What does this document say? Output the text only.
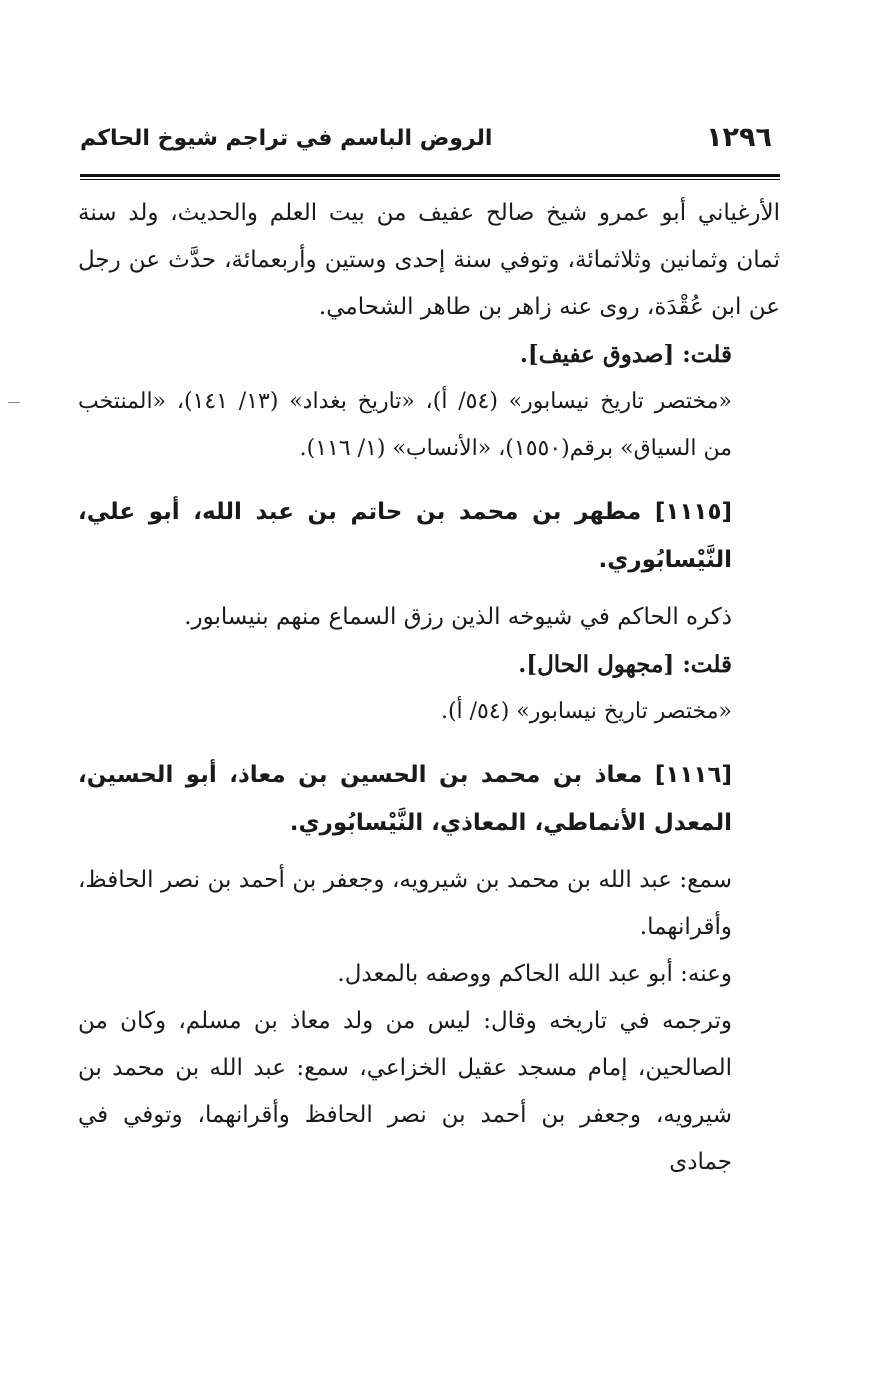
١٢٩٦
الروض الباسم في تراجم شيوخ الحاكم

الأرغياني أبو عمرو شيخ صالح عفيف من بيت العلم والحديث، ولد سنة ثمان وثمانين وثلاثمائة، وتوفي سنة إحدى وستين وأربعمائة، حدَّث عن رجل عن ابن عُقْدَة، روى عنه زاهر بن طاهر الشحامي.

قلت: [صدوق عفيف].

«مختصر تاريخ نيسابور» (٥٤/ أ)، «تاريخ بغداد» (١٣/ ١٤١)، «المنتخب من السياق» برقم(١٥٥٠)، «الأنساب» (١/ ١١٦).

[١١١٥] مطهر بن محمد بن حاتم بن عبد الله، أبو علي، النَّيْسابُوري.

ذكره الحاكم في شيوخه الذين رزق السماع منهم بنيسابور.

قلت: [مجهول الحال].

«مختصر تاريخ نيسابور» (٥٤/ أ).

[١١١٦] معاذ بن محمد بن الحسين بن معاذ، أبو الحسين، المعدل الأنماطي، المعاذي، النَّيْسابُوري.

سمع: عبد الله بن محمد بن شيرويه، وجعفر بن أحمد بن نصر الحافظ، وأقرانهما.

وعنه: أبو عبد الله الحاكم ووصفه بالمعدل.

وترجمه في تاريخه وقال: ليس من ولد معاذ بن مسلم، وكان من الصالحين، إمام مسجد عقيل الخزاعي، سمع: عبد الله بن محمد بن شيرويه، وجعفر بن أحمد بن نصر الحافظ وأقرانهما، وتوفي في جمادى
